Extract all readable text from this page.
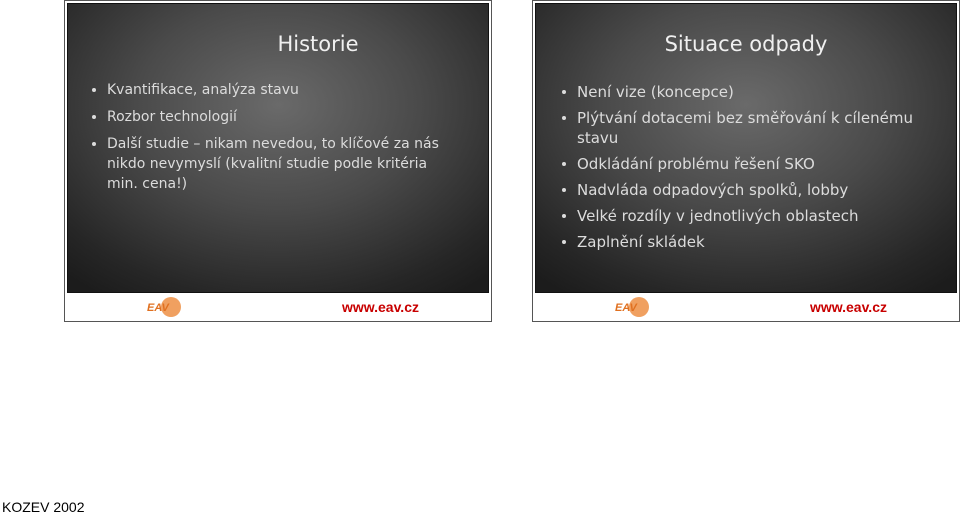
Historie
Kvantifikace, analýza stavu
Rozbor technologií
Další studie – nikam nevedou, to klíčové za nás nikdo nevymyslí (kvalitní studie podle kritéria min. cena!)
EAV	www.eav.cz
Situace odpady
Není vize (koncepce)
Plýtvání dotacemi bez směřování k cílenému stavu
Odkládání problému řešení SKO
Nadvláda odpadových spolků, lobby
Velké rozdíly v jednotlivých oblastech
Zaplnění skládek
EAV	www.eav.cz
KOZEV 2002
